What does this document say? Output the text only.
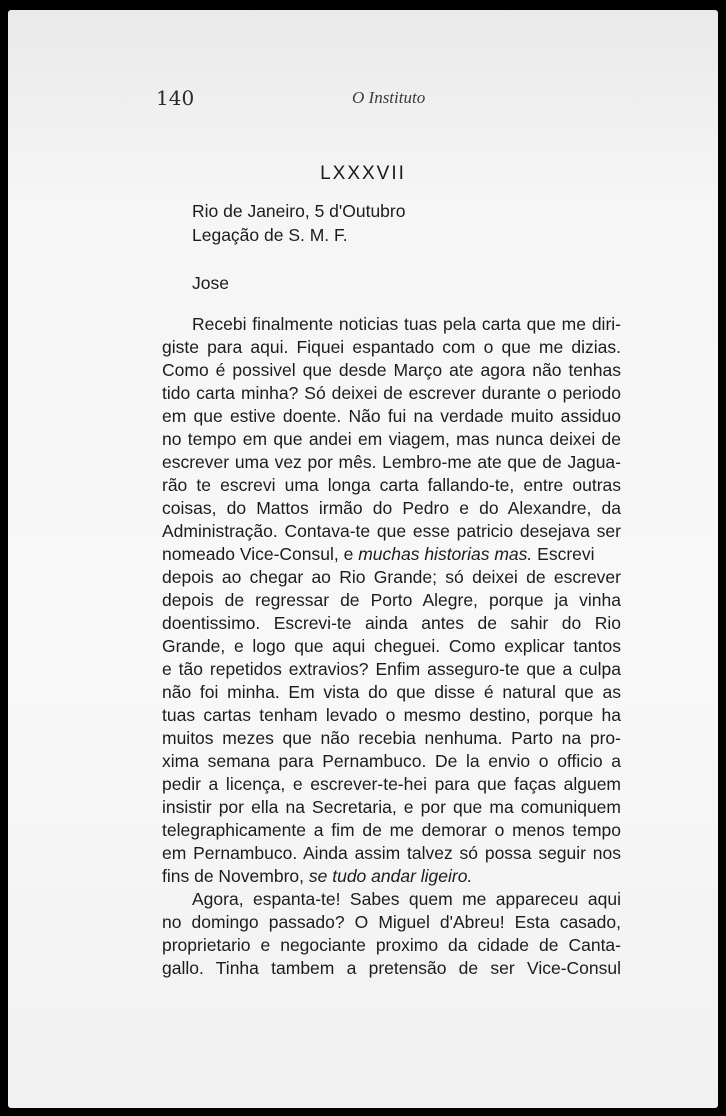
140	O Instituto
LXXXVII
Rio de Janeiro, 5 d'Outubro
Legação de S. M. F.
Jose
Recebi finalmente noticias tuas pela carta que me diri-
giste para aqui. Fiquei espantado com o que me dizias.
Como é possivel que desde Março ate agora não tenhas
tido carta minha? Só deixei de escrever durante o periodo
em que estive doente. Não fui na verdade muito assiduo
no tempo em que andei em viagem, mas nunca deixei de
escrever uma vez por mês. Lembro-me ate que de Jagua-
rão te escrevi uma longa carta fallando-te, entre outras
coisas, do Mattos irmão do Pedro e do Alexandre, da
Administração. Contava-te que esse patricio desejava ser
nomeado Vice-Consul, e muchas historias mas. Escrevi
depois ao chegar ao Rio Grande; só deixei de escrever
depois de regressar de Porto Alegre, porque ja vinha
doentissimo. Escrevi-te ainda antes de sahir do Rio
Grande, e logo que aqui cheguei. Como explicar tantos
e tão repetidos extravios? Enfim asseguro-te que a culpa
não foi minha. Em vista do que disse é natural que as
tuas cartas tenham levado o mesmo destino, porque ha
muitos mezes que não recebia nenhuma. Parto na pro-
xima semana para Pernambuco. De la envio o officio a
pedir a licença, e escrever-te-hei para que faças alguem
insistir por ella na Secretaria, e por que ma comuniquem
telegraphicamente a fim de me demorar o menos tempo
em Pernambuco. Ainda assim talvez só possa seguir nos
fins de Novembro, se tudo andar ligeiro.
Agora, espanta-te! Sabes quem me appareceu aqui
no domingo passado? O Miguel d'Abreu! Esta casado,
proprietario e negociante proximo da cidade de Canta-
gallo. Tinha tambem a pretensão de ser Vice-Consul
